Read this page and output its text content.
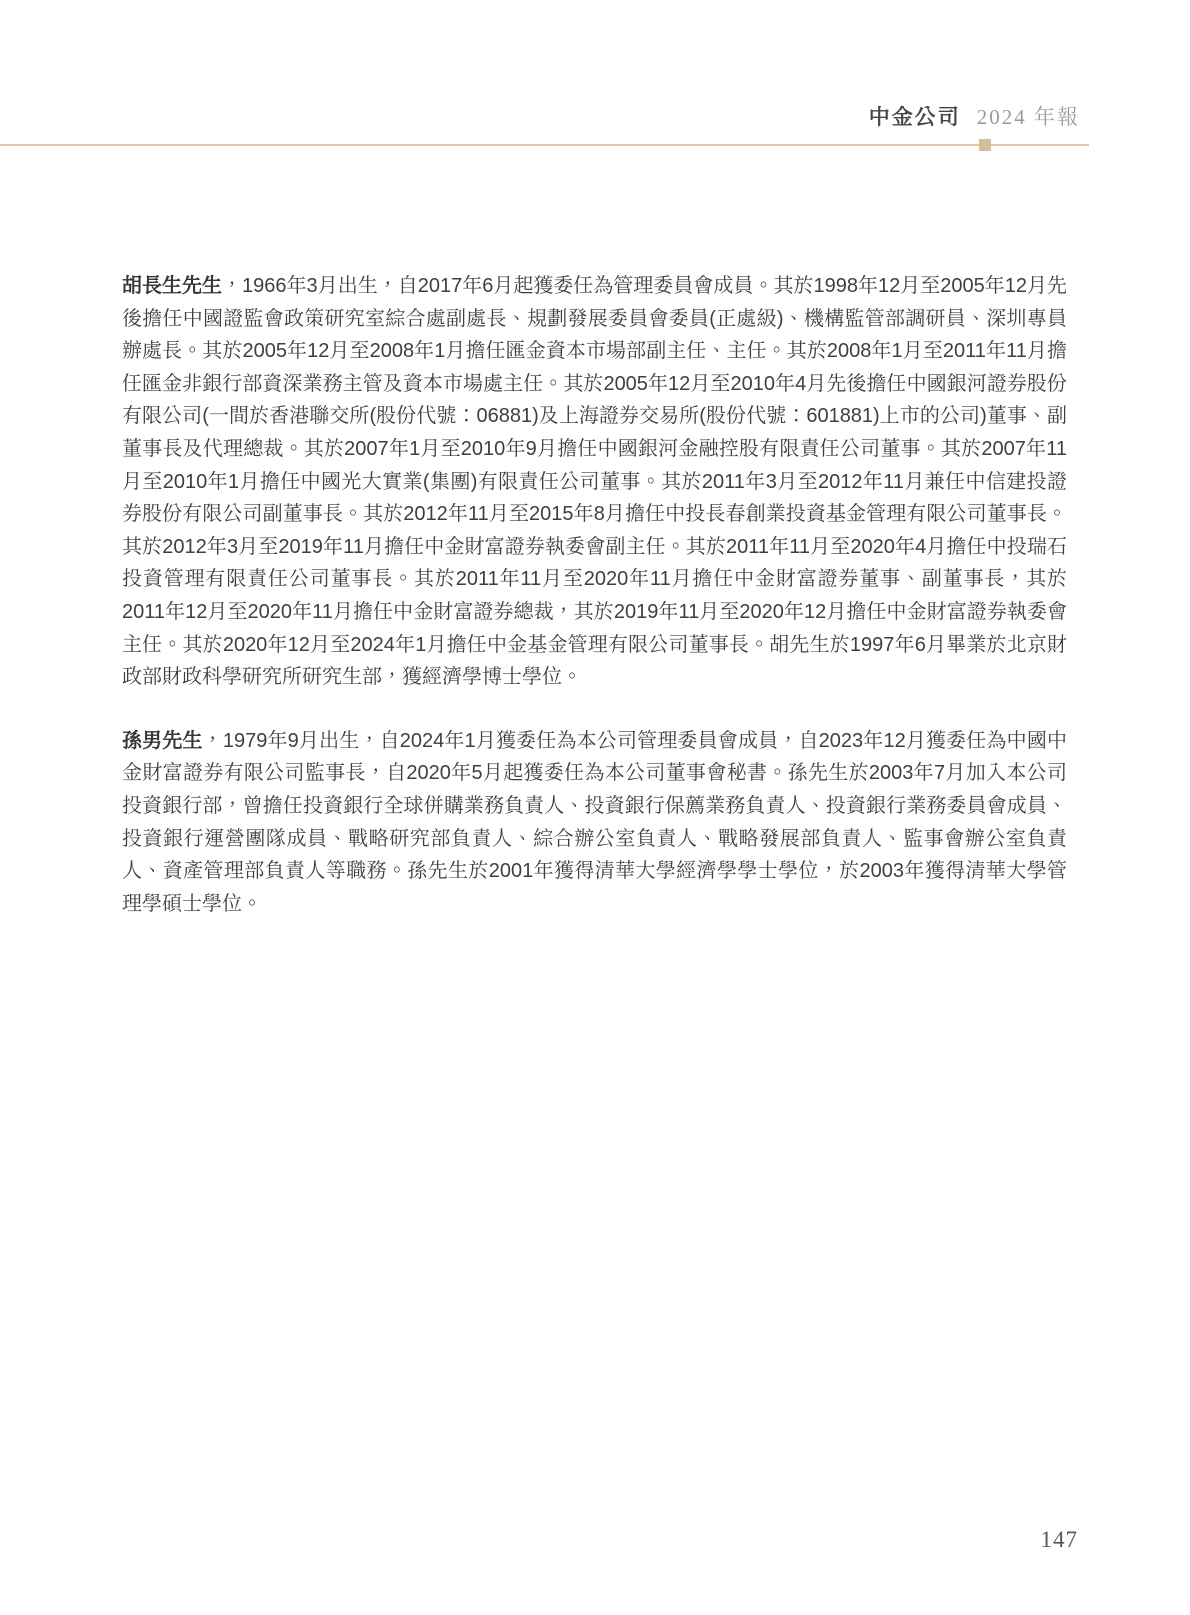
中金公司 2024 年報

胡長生先生，1966年3月出生，自2017年6月起獲委任為管理委員會成員。其於1998年12月至2005年12月先後擔任中國證監會政策研究室綜合處副處長、規劃發展委員會委員(正處級)、機構監管部調研員、深圳專員辦處長。其於2005年12月至2008年1月擔任匯金資本市場部副主任、主任。其於2008年1月至2011年11月擔任匯金非銀行部資深業務主管及資本市場處主任。其於2005年12月至2010年4月先後擔任中國銀河證券股份有限公司(一間於香港聯交所(股份代號：06881)及上海證券交易所(股份代號：601881)上市的公司)董事、副董事長及代理總裁。其於2007年1月至2010年9月擔任中國銀河金融控股有限責任公司董事。其於2007年11月至2010年1月擔任中國光大實業(集團)有限責任公司董事。其於2011年3月至2012年11月兼任中信建投證券股份有限公司副董事長。其於2012年11月至2015年8月擔任中投長春創業投資基金管理有限公司董事長。其於2012年3月至2019年11月擔任中金財富證券執委會副主任。其於2011年11月至2020年4月擔任中投瑞石投資管理有限責任公司董事長。其於2011年11月至2020年11月擔任中金財富證券董事、副董事長，其於2011年12月至2020年11月擔任中金財富證券總裁，其於2019年11月至2020年12月擔任中金財富證券執委會主任。其於2020年12月至2024年1月擔任中金基金管理有限公司董事長。胡先生於1997年6月畢業於北京財政部財政科學研究所研究生部，獲經濟學博士學位。

孫男先生，1979年9月出生，自2024年1月獲委任為本公司管理委員會成員，自2023年12月獲委任為中國中金財富證券有限公司監事長，自2020年5月起獲委任為本公司董事會秘書。孫先生於2003年7月加入本公司投資銀行部，曾擔任投資銀行全球併購業務負責人、投資銀行保薦業務負責人、投資銀行業務委員會成員、投資銀行運營團隊成員、戰略研究部負責人、綜合辦公室負責人、戰略發展部負責人、監事會辦公室負責人、資產管理部負責人等職務。孫先生於2001年獲得清華大學經濟學學士學位，於2003年獲得清華大學管理學碩士學位。

147
